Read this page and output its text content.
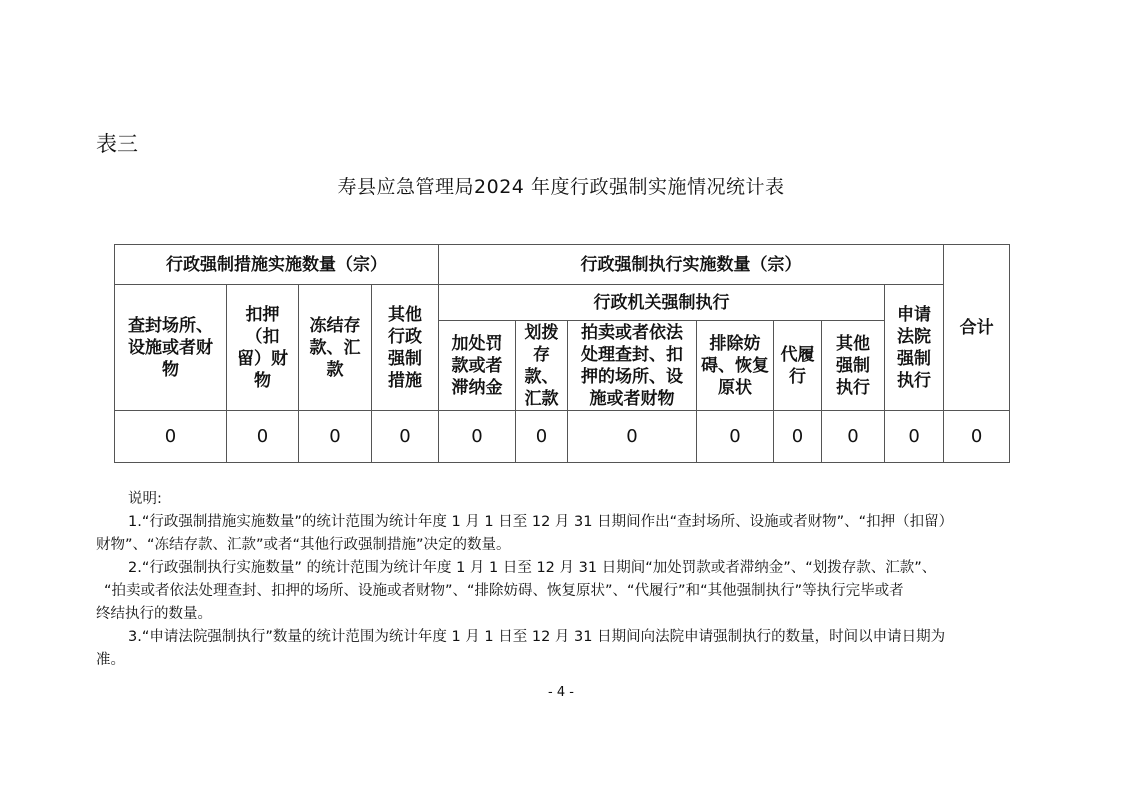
表三
寿县应急管理局2024 年度行政强制实施情况统计表
行政强制措施实施数量（宗）				行政强制执行实施数量（宗）							合计
查封场所、设施或者财物	扣押（扣留）财物	冻结存款、汇款	其他行政强制措施	行政机关强制执行						申请法院强制执行	
				加处罚款或者滞纳金	划拨存款、汇款	拍卖或者依法处理查封、扣押的场所、设施或者财物	排除妨碍、恢复原状	代履行	其他强制执行		
0	0	0	0	0	0	0	0	0	0	0	0

说明:

1.“行政强制措施实施数量”的统计范围为统计年度 1 月 1 日至 12 月 31 日期间作出“查封场所、设施或者财物”、“扣押（扣留）

财物”、“冻结存款、汇款”或者“其他行政强制措施”决定的数量。

2.“行政强制执行实施数量” 的统计范围为统计年度 1 月 1 日至 12 月 31 日期间“加处罚款或者滞纳金”、“划拨存款、汇款”、

“拍卖或者依法处理查封、扣押的场所、设施或者财物”、“排除妨碍、恢复原状”、“代履行”和“其他强制执行”等执行完毕或者

终结执行的数量。

3.“申请法院强制执行”数量的统计范围为统计年度 1 月 1 日至 12 月 31 日期间向法院申请强制执行的数量，时间以申请日期为

准。

- 4 -
